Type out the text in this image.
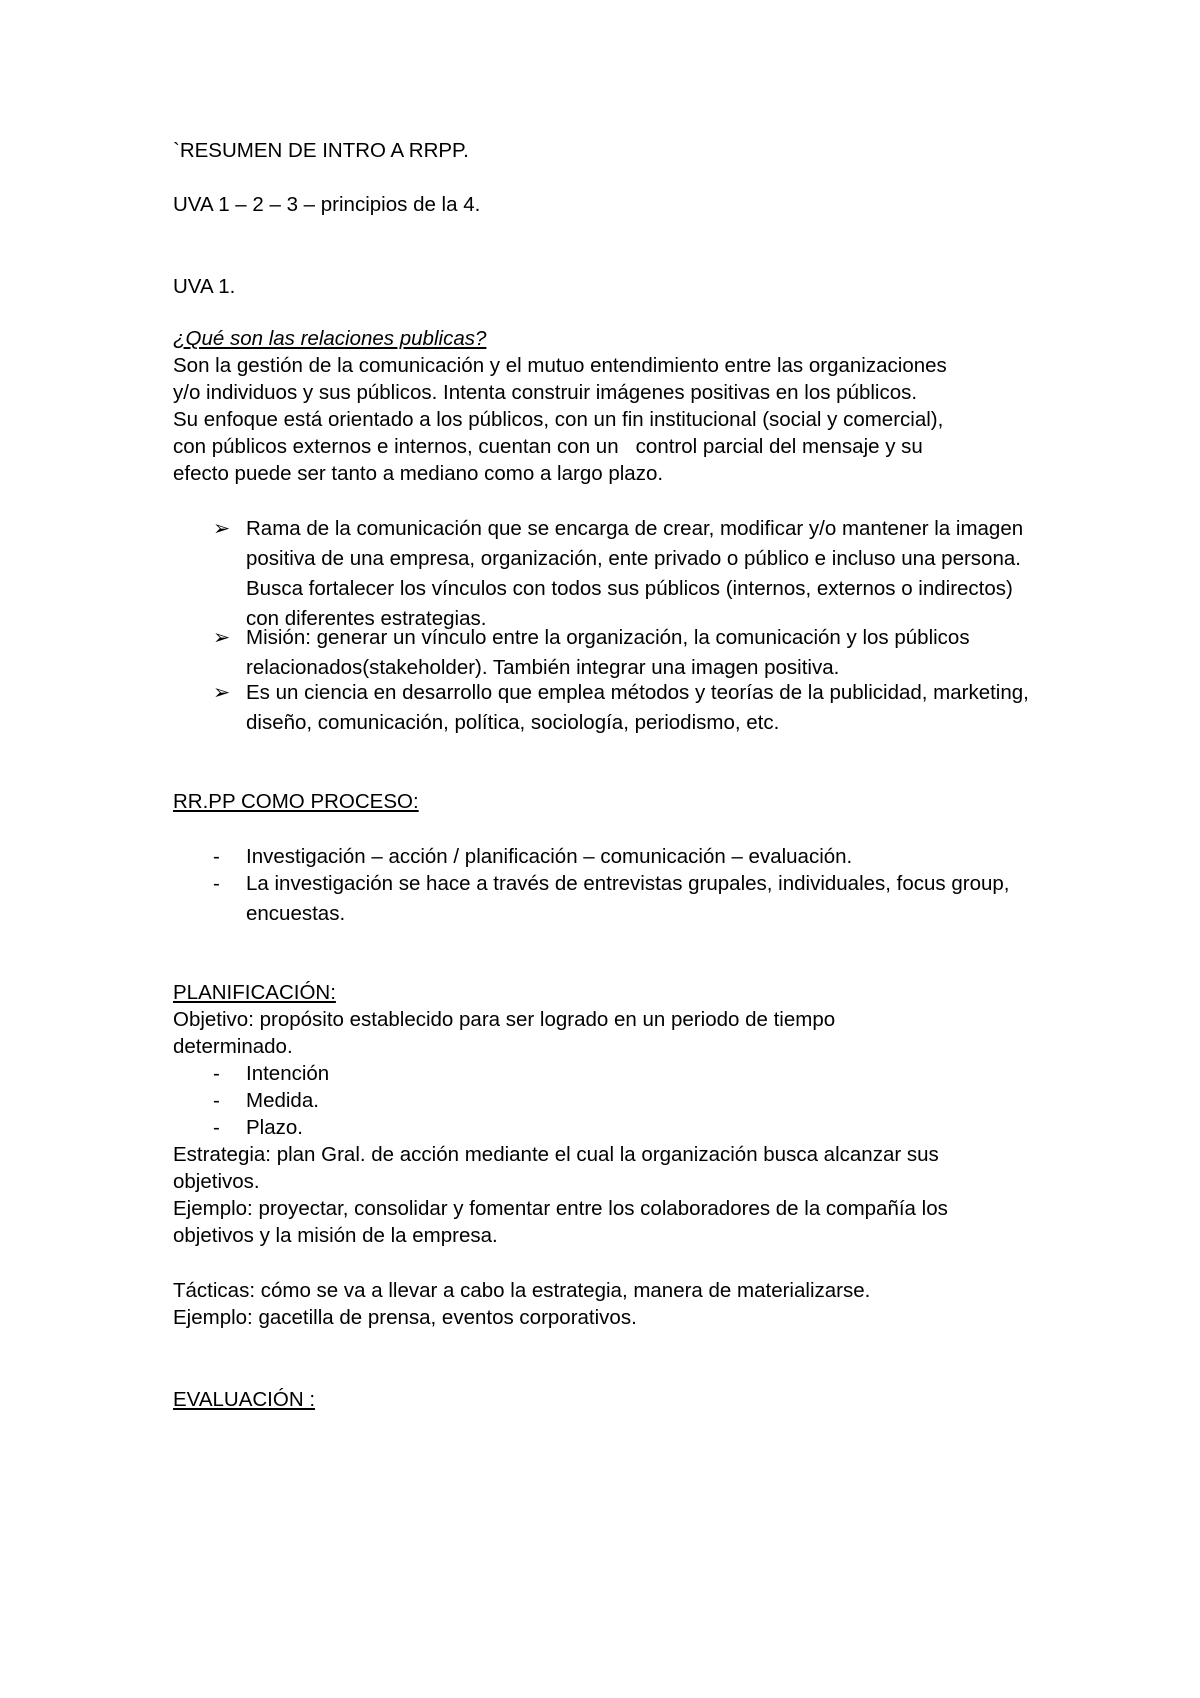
`RESUMEN DE INTRO A RRPP.
UVA 1 – 2 – 3 – principios de la 4.
UVA 1.
¿Qué son las relaciones publicas?
Son la gestión de la comunicación y el mutuo entendimiento entre las organizaciones
y/o individuos y sus públicos. Intenta construir imágenes positivas en los públicos.
Su enfoque está orientado a los públicos, con un fin institucional (social y comercial),
con públicos externos e internos, cuentan con un   control parcial del mensaje y su
efecto puede ser tanto a mediano como a largo plazo.
➢ Rama de la comunicación que se encarga de crear, modificar y/o mantener la imagen positiva de una empresa, organización, ente privado o público e incluso una persona. Busca fortalecer los vínculos con todos sus públicos (internos, externos o indirectos) con diferentes estrategias.
➢ Misión: generar un vínculo entre la organización, la comunicación y los públicos relacionados(stakeholder). También integrar una imagen positiva.
➢ Es un ciencia en desarrollo que emplea métodos y teorías de la publicidad, marketing, diseño, comunicación, política, sociología, periodismo, etc.
RR.PP COMO PROCESO:
- Investigación – acción / planificación – comunicación – evaluación.
- La investigación se hace a través de entrevistas grupales, individuales, focus group, encuestas.
PLANIFICACIÓN:
Objetivo: propósito establecido para ser logrado en un periodo de tiempo
determinado.
- Intención
- Medida.
- Plazo.
Estrategia: plan Gral. de acción mediante el cual la organización busca alcanzar sus
objetivos.
Ejemplo: proyectar, consolidar y fomentar entre los colaboradores de la compañía los
objetivos y la misión de la empresa.
Tácticas: cómo se va a llevar a cabo la estrategia, manera de materializarse.
Ejemplo: gacetilla de prensa, eventos corporativos.
EVALUACIÓN :
